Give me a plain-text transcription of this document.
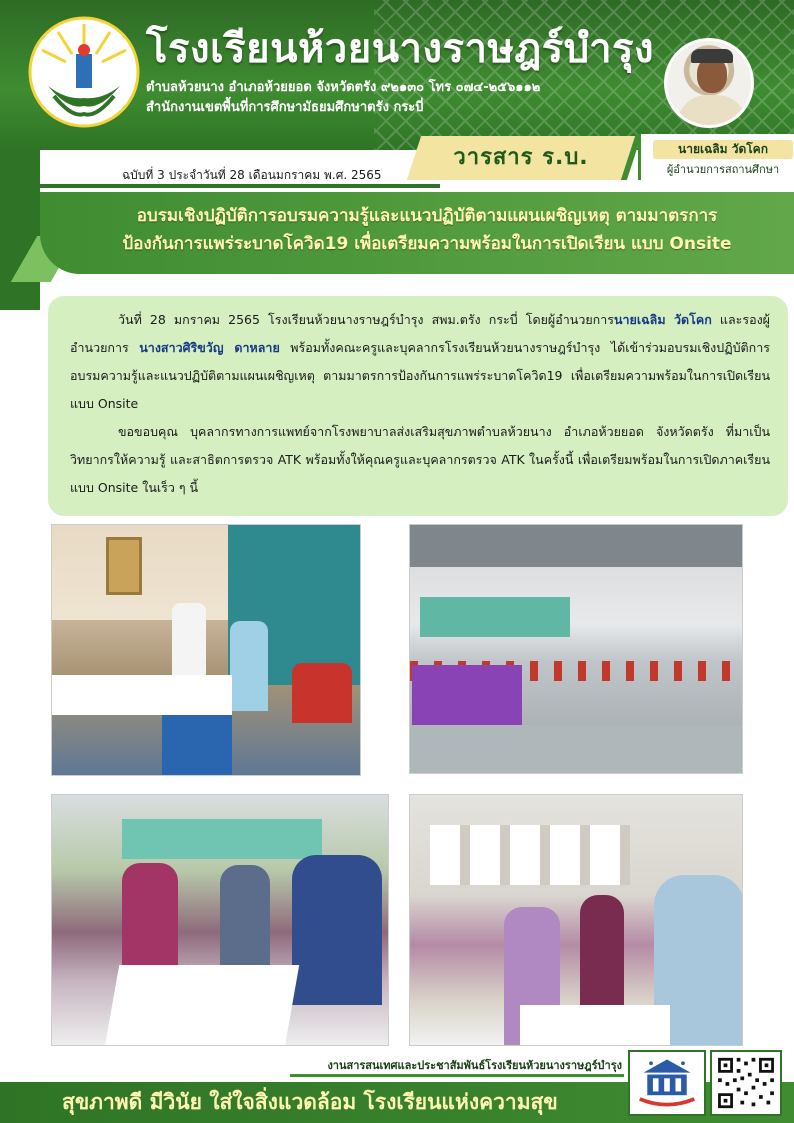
โรงเรียนห้วยนางราษฎร์บำรุง
ตำบลห้วยนาง อำเภอห้วยยอด จังหวัดตรัง ๙๒๑๓๐ โทร ๐๗๔-๒๕๖๑๑๒
สำนักงานเขตพื้นที่การศึกษามัธยมศึกษาตรัง กระบี่
ฉบับที่ 3 ประจำวันที่ 28 เดือนมกราคม พ.ศ. 2565
วารสาร ร.บ.	นายเฉลิม วัดโคก
ผู้อำนวยการสถานศึกษา
อบรมเชิงปฏิบัติการอบรมความรู้และแนวปฏิบัติตามแผนเผชิญเหตุ ตามมาตรการ
ป้องกันการแพร่ระบาดโควิด19 เพื่อเตรียมความพร้อมในการเปิดเรียน แบบ Onsite

วันที่ 28 มกราคม 2565 โรงเรียนห้วยนางราษฎร์บำรุง สพม.ตรัง กระบี่ โดยผู้อำนวยการนายเฉลิม วัดโคก และรองผู้อำนวยการ นางสาวศิริขวัญ ดาหลาย พร้อมทั้งคณะครูและบุคลากรโรงเรียนห้วยนางราษฎร์บำรุง ได้เข้าร่วมอบรมเชิงปฏิบัติการอบรมความรู้และแนวปฏิบัติตามแผนเผชิญเหตุ ตามมาตรการป้องกันการแพร่ระบาดโควิด19 เพื่อเตรียมความพร้อมในการเปิดเรียน แบบ Onsite

ขอขอบคุณ บุคลากรทางการแพทย์จากโรงพยาบาลส่งเสริมสุขภาพตำบลห้วยนาง อำเภอห้วยยอด จังหวัดตรัง ที่มาเป็นวิทยากรให้ความรู้ และสาธิตการตรวจ ATK พร้อมทั้งให้คุณครูและบุคลากรตรวจ ATK ในครั้งนี้ เพื่อเตรียมพร้อมในการเปิดภาคเรียนแบบ Onsite ในเร็ว ๆ นี้

งานสารสนเทศและประชาสัมพันธ์โรงเรียนห้วยนางราษฎร์บำรุง
สุขภาพดี มีวินัย ใส่ใจสิ่งแวดล้อม โรงเรียนแห่งความสุข
